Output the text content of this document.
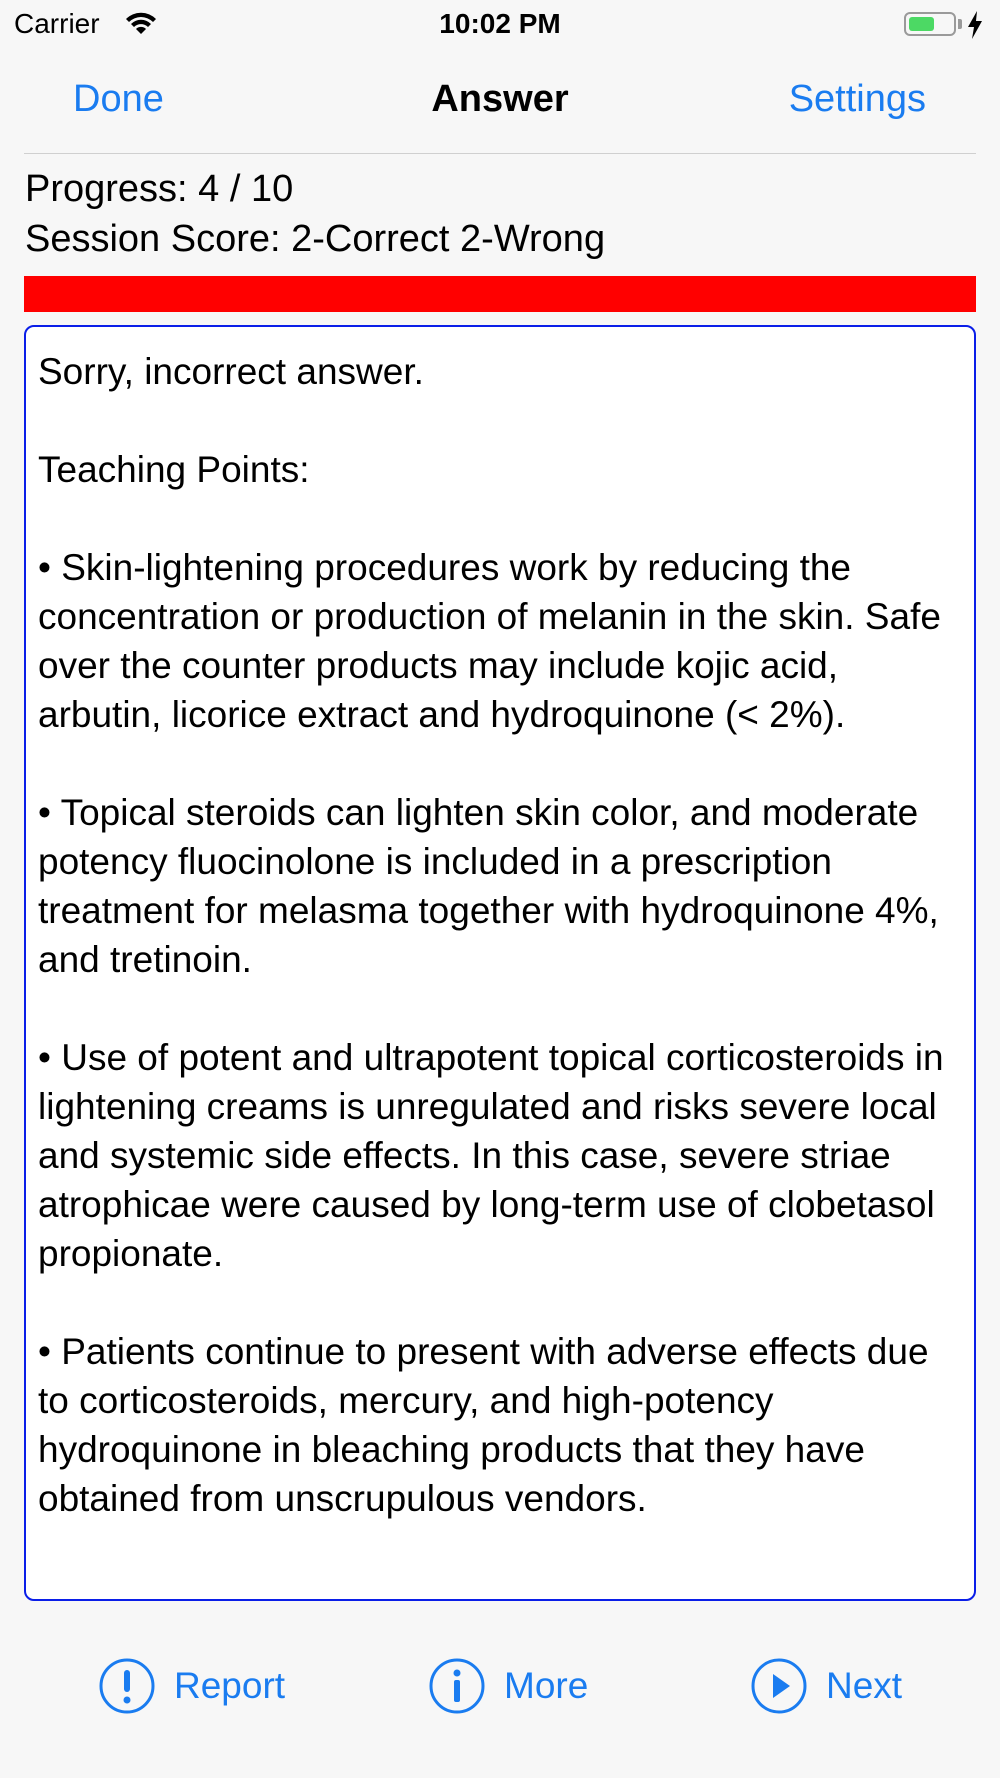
Carrier	10:02 PM
Done	Answer	Settings
Progress: 4 / 10
Session Score: 2-Correct 2-Wrong

Sorry, incorrect answer.

Teaching Points:

• Skin-lightening procedures work by reducing the concentration or production of melanin in the skin. Safe over the counter products may include kojic acid, arbutin, licorice extract and hydroquinone (< 2%).

• Topical steroids can lighten skin color, and moderate potency fluocinolone is included in a prescription treatment for melasma together with hydroquinone 4%, and tretinoin.

• Use of potent and ultrapotent topical corticosteroids in lightening creams is unregulated and risks severe local and systemic side effects. In this case, severe striae atrophicae were caused by long-term use of clobetasol propionate.

• Patients continue to present with adverse effects due to corticosteroids, mercury, and high-potency hydroquinone in bleaching products that they have obtained from unscrupulous vendors.

Report	More	Next
